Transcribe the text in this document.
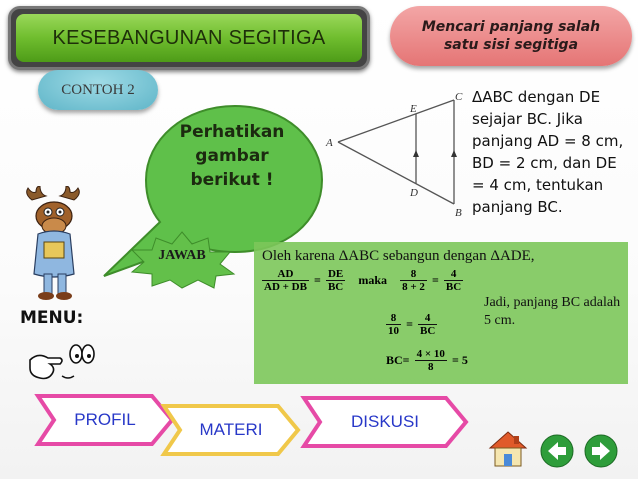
KESEBANGUNAN SEGITIGA	Mencari panjang salah satu sisi segitiga
CONTOH 2
Perhatikan
gambar
berikut !
A
C
B
E
D
ΔABC dengan DE
sejajar BC. Jika
panjang AD = 8 cm,
BD = 2 cm, dan DE
= 4 cm, tentukan
panjang BC.
JAWAB	Oleh karena ΔABC sebangun dengan ΔADE,
$\frac{AD}{AD + DB} = \frac{DE}{BC}$ maka $\frac{8}{8 + 2} = \frac{4}{BC}$
$\frac{8}{10} = \frac{4}{BC}$
$BC= \frac{4 \times 10}{8} = 5$
Jadi, panjang BC adalah 5 cm.
MENU:
PROFIL
MATERI	DISKUSI
